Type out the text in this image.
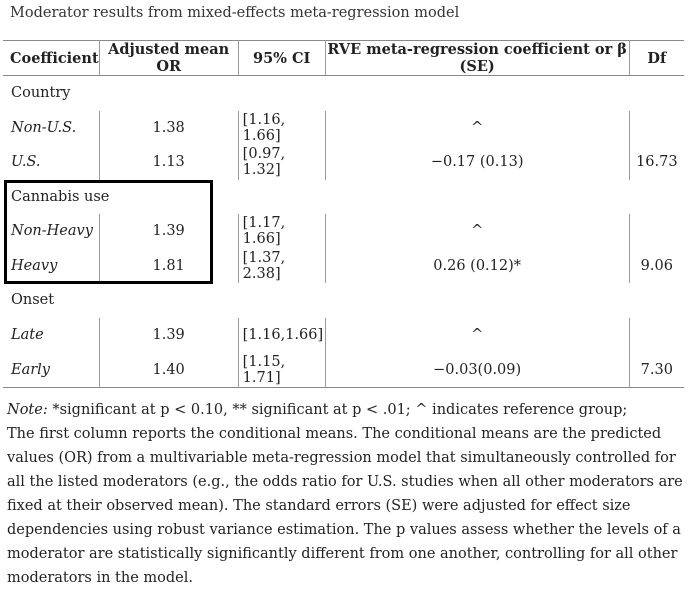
Moderator results from mixed-effects meta-regression model
Coefficient	Adjusted mean OR	95% CI	RVE meta-regression coefficient or β (SE)	Df
Country				
Non-U.S.	1.38	[1.16, 1.66]	^	
U.S.	1.13	[0.97, 1.32]	−0.17 (0.13)	16.73
Cannabis use				
Non-Heavy	1.39	[1.17, 1.66]	^	
Heavy	1.81	[1.37, 2.38]	0.26 (0.12)*	9.06
Onset				
Late	1.39	[1.16,1.66]	^	
Early	1.40	[1.15, 1.71]	−0.03(0.09)	7.30

Note: *significant at p < 0.10, ** significant at p < .01; ^ indicates reference group;

The first column reports the conditional means. The conditional means are the predicted values (OR) from a multivariable meta-regression model that simultaneously controlled for all the listed moderators (e.g., the odds ratio for U.S. studies when all other moderators are fixed at their observed mean). The standard errors (SE) were adjusted for effect size dependencies using robust variance estimation. The p values assess whether the levels of a moderator are statistically significantly different from one another, controlling for all other moderators in the model.
